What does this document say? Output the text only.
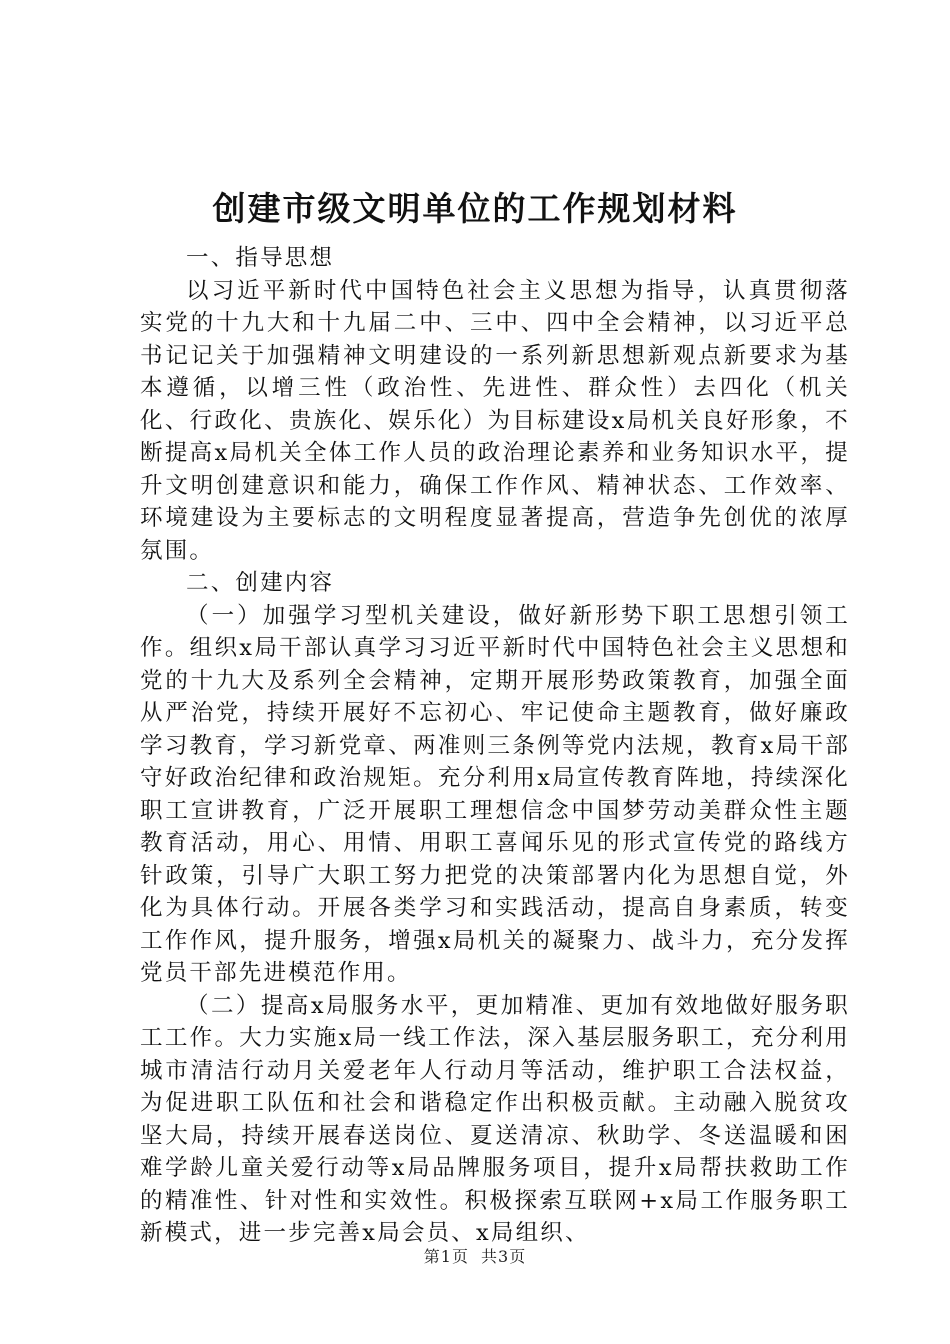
创建市级文明单位的工作规划材料

一、指导思想

以习近平新时代中国特色社会主义思想为指导，认真贯彻落实党的十九大和十九届二中、三中、四中全会精神，以习近平总书记记关于加强精神文明建设的一系列新思想新观点新要求为基本遵循，以增三性（政治性、先进性、群众性）去四化（机关化、行政化、贵族化、娱乐化）为目标建设x局机关良好形象，不断提高x局机关全体工作人员的政治理论素养和业务知识水平，提升文明创建意识和能力，确保工作作风、精神状态、工作效率、环境建设为主要标志的文明程度显著提高，营造争先创优的浓厚氛围。

二、创建内容

（一）加强学习型机关建设，做好新形势下职工思想引领工作。组织x局干部认真学习习近平新时代中国特色社会主义思想和党的十九大及系列全会精神，定期开展形势政策教育，加强全面从严治党，持续开展好不忘初心、牢记使命主题教育，做好廉政学习教育，学习新党章、两准则三条例等党内法规，教育x局干部守好政治纪律和政治规矩。充分利用x局宣传教育阵地，持续深化职工宣讲教育，广泛开展职工理想信念中国梦劳动美群众性主题教育活动，用心、用情、用职工喜闻乐见的形式宣传党的路线方针政策，引导广大职工努力把党的决策部署内化为思想自觉，外化为具体行动。开展各类学习和实践活动，提高自身素质，转变工作作风，提升服务，增强x局机关的凝聚力、战斗力，充分发挥党员干部先进模范作用。

（二）提高x局服务水平，更加精准、更加有效地做好服务职工工作。大力实施x局一线工作法，深入基层服务职工，充分利用城市清洁行动月关爱老年人行动月等活动，维护职工合法权益，为促进职工队伍和社会和谐稳定作出积极贡献。主动融入脱贫攻坚大局，持续开展春送岗位、夏送清凉、秋助学、冬送温暖和困难学龄儿童关爱行动等x局品牌服务项目，提升x局帮扶救助工作的精准性、针对性和实效性。积极探索互联网+x局工作服务职工新模式，进一步完善x局会员、x局组织、

第1页 共3页
